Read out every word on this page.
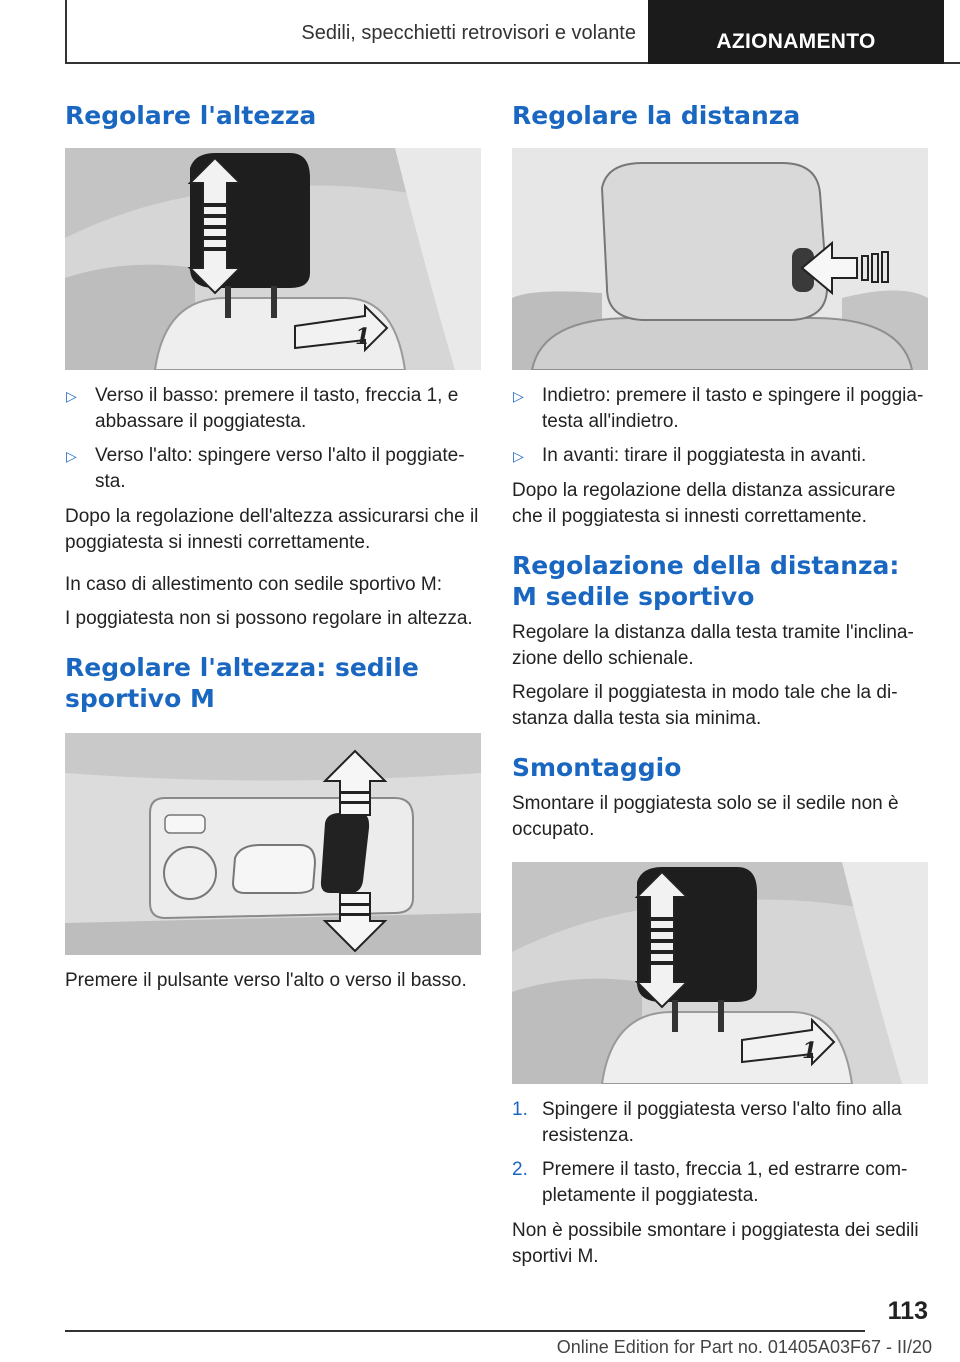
Sedili, specchietti retrovisori e volante	AZIONAMENTO
Regolare l'altezza
1
▷ Verso il basso: premere il tasto, freccia 1, e abbassare il poggiatesta.
▷ Verso l'alto: spingere verso l'alto il poggiatesta.

Dopo la regolazione dell'altezza assicurarsi che il poggiatesta si innesti correttamente.

In caso di allestimento con sedile sportivo M:

I poggiatesta non si possono regolare in altezza.

Regolare l'altezza: sedile sportivo M

Premere il pulsante verso l'alto o verso il basso.

Regolare la distanza
▷ Indietro: premere il tasto e spingere il poggiatesta all'indietro.
▷ In avanti: tirare il poggiatesta in avanti.

Dopo la regolazione della distanza assicurare che il poggiatesta si innesti correttamente.

Regolazione della distanza: M sedile sportivo

Regolare la distanza dalla testa tramite l'inclinazione dello schienale.

Regolare il poggiatesta in modo tale che la distanza dalla testa sia minima.

Smontaggio

Smontare il poggiatesta solo se il sedile non è occupato.

1
1. Spingere il poggiatesta verso l'alto fino alla resistenza.
2. Premere il tasto, freccia 1, ed estrarre completamente il poggiatesta.

Non è possibile smontare i poggiatesta dei sedili sportivi M.

113
Online Edition for Part no. 01405A03F67 - II/20
